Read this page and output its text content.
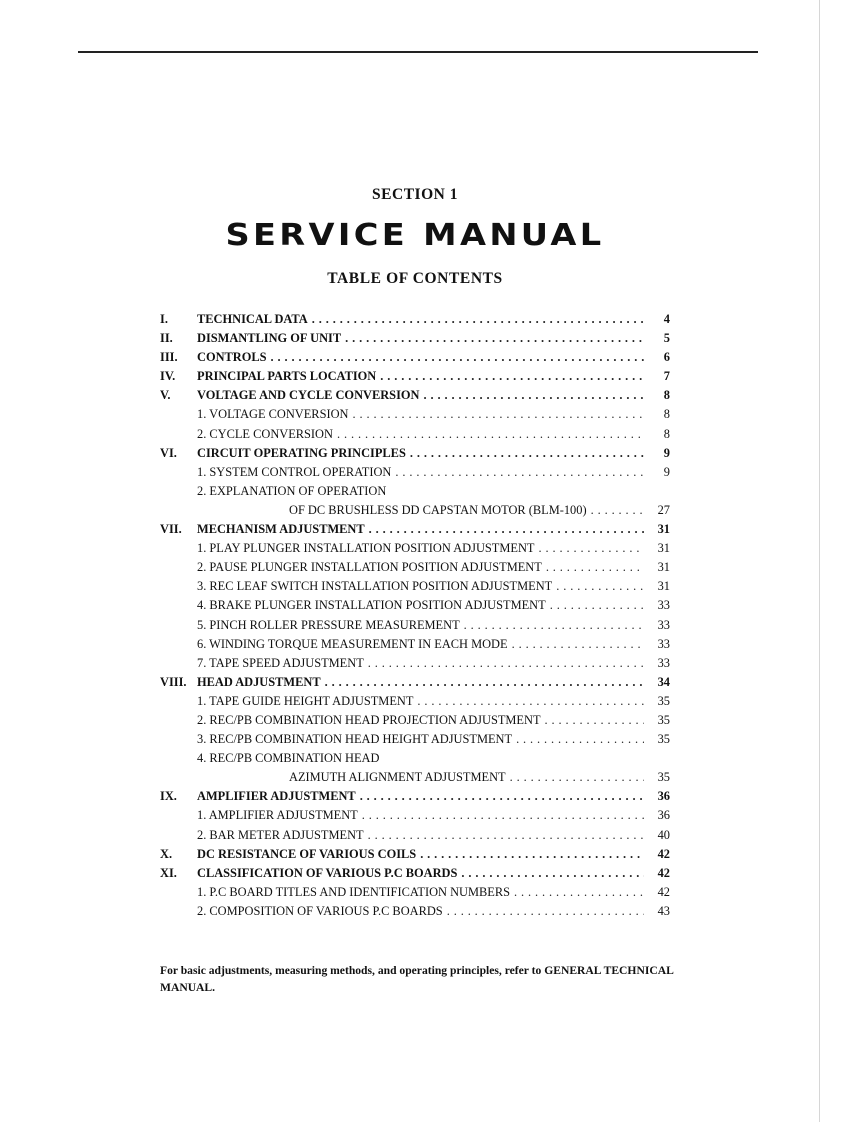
SECTION 1
SERVICE MANUAL
TABLE OF CONTENTS
I.	TECHNICAL DATA . . .	4
II.	DISMANTLING OF UNIT . . .	5
III.	CONTROLS . . .	6
IV.	PRINCIPAL PARTS LOCATION . . .	7
V.	VOLTAGE AND CYCLE CONVERSION . . .	8
1. VOLTAGE CONVERSION . . .	8
2. CYCLE CONVERSION . . .	8
VI.	CIRCUIT OPERATING PRINCIPLES . . .	9
1. SYSTEM CONTROL OPERATION . . .	9
2. EXPLANATION OF OPERATION
OF DC BRUSHLESS DD CAPSTAN MOTOR (BLM-100) . . .	27
VII.	MECHANISM ADJUSTMENT . . .	31
1. PLAY PLUNGER INSTALLATION POSITION ADJUSTMENT . . .	31
2. PAUSE PLUNGER INSTALLATION POSITION ADJUSTMENT . . .	31
3. REC LEAF SWITCH INSTALLATION POSITION ADJUSTMENT . . .	31
4. BRAKE PLUNGER INSTALLATION POSITION ADJUSTMENT . . .	33
5. PINCH ROLLER PRESSURE MEASUREMENT . . .	33
6. WINDING TORQUE MEASUREMENT IN EACH MODE . . .	33
7. TAPE SPEED ADJUSTMENT . . .	33
VIII. HEAD ADJUSTMENT . . .	34
1. TAPE GUIDE HEIGHT ADJUSTMENT . . .	35
2. REC/PB COMBINATION HEAD PROJECTION ADJUSTMENT . . .	35
3. REC/PB COMBINATION HEAD HEIGHT ADJUSTMENT . . .	35
4. REC/PB COMBINATION HEAD
AZIMUTH ALIGNMENT ADJUSTMENT . . .	35
IX.	AMPLIFIER ADJUSTMENT . . .	36
1. AMPLIFIER ADJUSTMENT . . .	36
2. BAR METER ADJUSTMENT . . .	40
X.	DC RESISTANCE OF VARIOUS COILS . . .	42
XI.	CLASSIFICATION OF VARIOUS P.C BOARDS . . .	42
1. P.C BOARD TITLES AND IDENTIFICATION NUMBERS . . .	42
2. COMPOSITION OF VARIOUS P.C BOARDS . . .	43
For basic adjustments, measuring methods, and operating principles, refer to GENERAL TECHNICAL MANUAL.
